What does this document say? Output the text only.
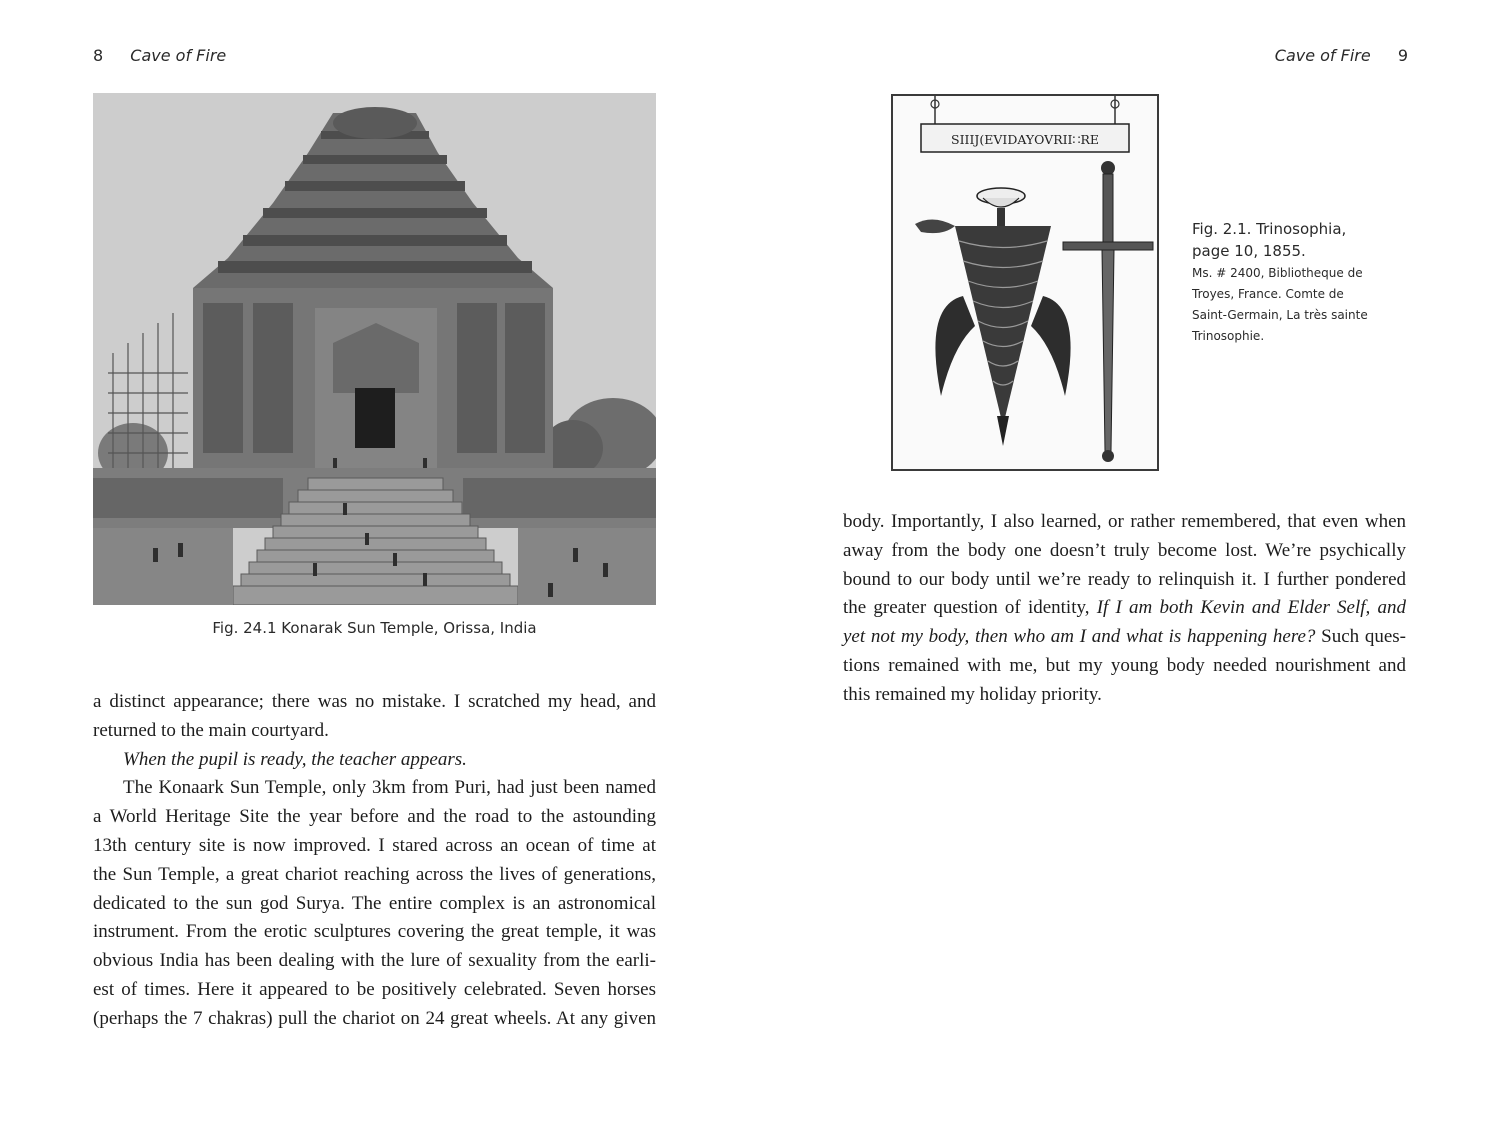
8 Cave of Fire
Fig. 24.1 Konarak Sun Temple, Orissa, India

a distinct appearance; there was no mistake. I scratched my head, and
returned to the main courtyard.

When the pupil is ready, the teacher appears.

The Konaark Sun Temple, only 3km from Puri, had just been named
a World Heritage Site the year before and the road to the astounding
13th century site is now improved. I stared across an ocean of time at
the Sun Temple, a great chariot reaching across the lives of generations,
dedicated to the sun god Surya. The entire complex is an astronomical
instrument. From the erotic sculptures covering the great temple, it was
obvious India has been dealing with the lure of sexuality from the earli-
est of times. Here it appeared to be positively celebrated. Seven horses
(perhaps the 7 chakras) pull the chariot on 24 great wheels. At any given

Cave of Fire 9
SIIIJ(EVIDAYOVRII∷RE
Fig. 2.1. Trinosophia,
page 10, 1855.
Ms. # 2400, Bibliotheque de
Troyes, France. Comte de
Saint-Germain, La très sainte
Trinosophie.
body. Importantly, I also learned, or rather remembered, that even when
away from the body one doesn’t truly become lost. We’re psychically
bound to our body until we’re ready to relinquish it. I further pondered
the greater question of identity, If I am both Kevin and Elder Self, and
yet not my body, then who am I and what is happening here? Such ques-
tions remained with me, but my young body needed nourishment and
this remained my holiday priority.
